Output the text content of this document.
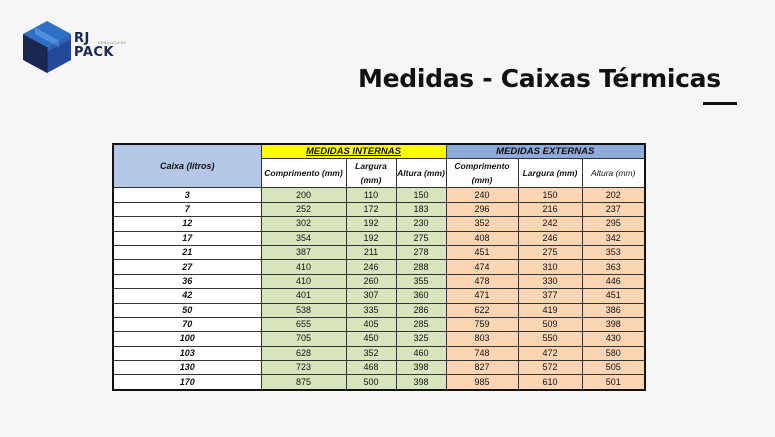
RJ
PACK
EMBALAGENS
Medidas - Caixas Térmicas
Caixa (litros)	MEDIDAS INTERNAS			MEDIDAS EXTERNAS		
	Comprimento (mm)	Largura (mm)	Altura (mm)	Comprimento (mm)	Largura (mm)	Altura (mm)
3	200	110	150	240	150	202
7	252	172	183	296	216	237
12	302	192	230	352	242	295
17	354	192	275	408	246	342
21	387	211	278	451	275	353
27	410	246	288	474	310	363
36	410	260	355	478	330	446
42	401	307	360	471	377	451
50	538	335	286	622	419	386
70	655	405	285	759	509	398
100	705	450	325	803	550	430
103	628	352	460	748	472	580
130	723	468	398	827	572	505
170	875	500	398	985	610	501
